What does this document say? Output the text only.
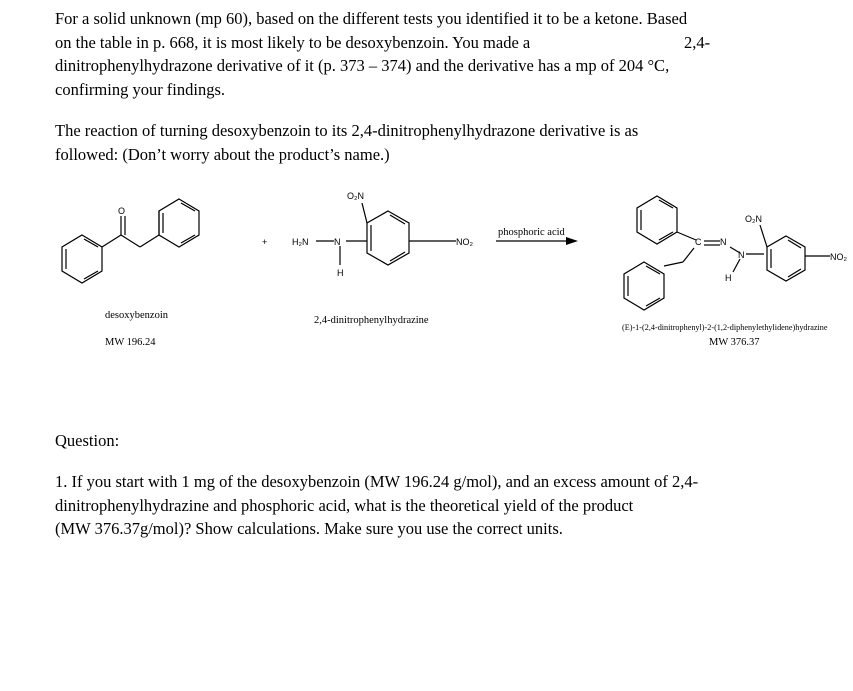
For a solid unknown (mp 60), based on the different tests you identified it to be a ketone. Based
on the table in p. 668, it is most likely to be desoxybenzoin. You made a	2,4-
dinitrophenylhydrazone derivative of it (p. 373 – 374) and the derivative has a mp of 204 °C,
confirming your findings.
The reaction of turning desoxybenzoin to its 2,4-dinitrophenylhydrazone derivative is as
followed: (Don’t worry about the product’s name.)
O
+	H₂N	N
H
O₂N
NO₂	C N
N
H
O₂N
NO₂
desoxybenzoin
MW 196.24
2,4-dinitrophenylhydrazine
phosphoric acid
(E)-1-(2,4-dinitrophenyl)-2-(1,2-diphenylethylidene)hydrazine
MW 376.37
Question:
1. If you start with 1 mg of the desoxybenzoin (MW 196.24 g/mol), and an excess amount of 2,4-
dinitrophenylhydrazine and phosphoric acid, what is the theoretical yield of the product
(MW 376.37g/mol)? Show calculations. Make sure you use the correct units.
